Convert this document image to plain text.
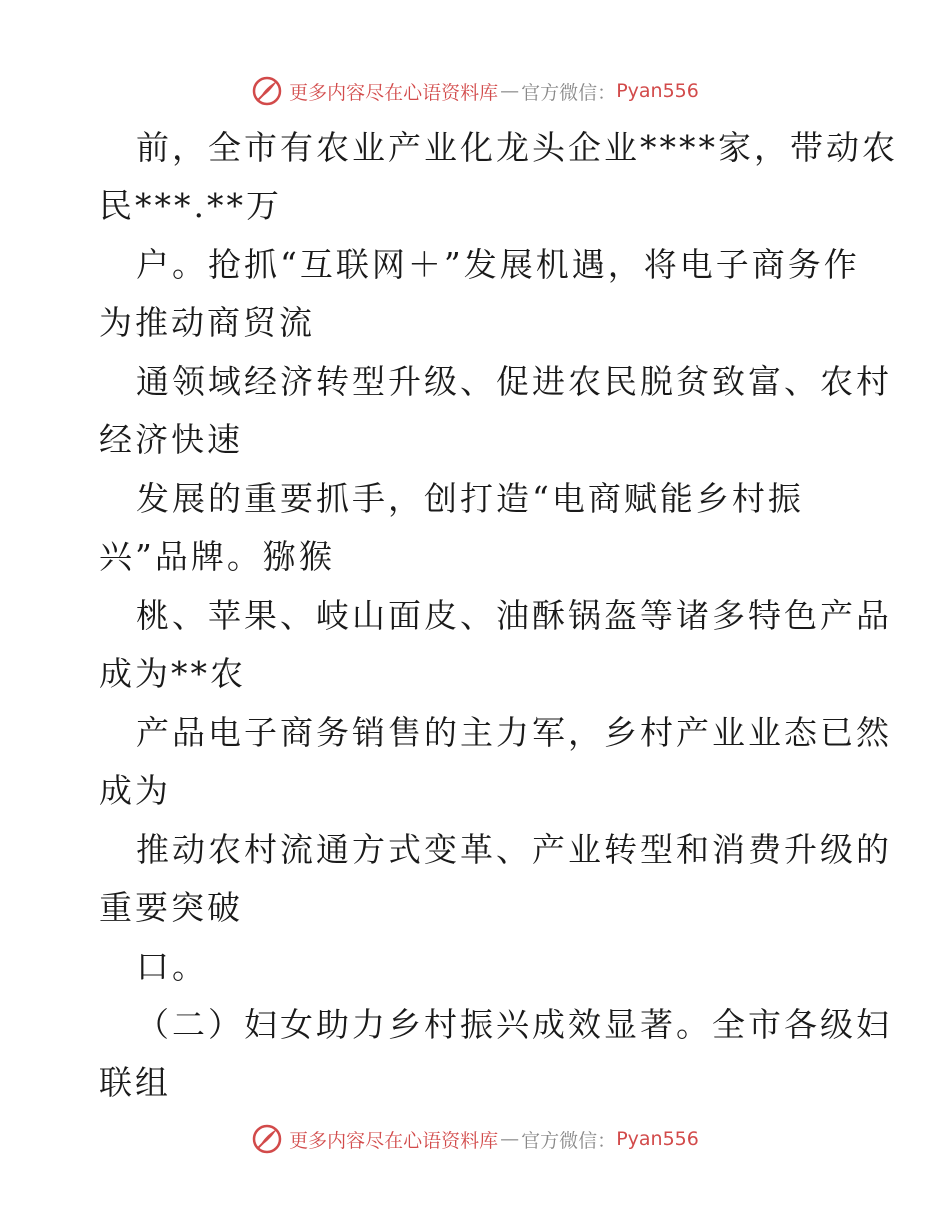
更多内容尽在心语资料库 — 官方微信： Pyan556
前，全市有农业产业化龙头企业****家，带动农
民***.**万
户。抢抓“互联网＋”发展机遇，将电子商务作
为推动商贸流
通领域经济转型升级、促进农民脱贫致富、农村
经济快速
发展的重要抓手，创打造“电商赋能乡村振
兴”品牌。猕猴
桃、苹果、岐山面皮、油酥锅盔等诸多特色产品
成为**农
产品电子商务销售的主力军，乡村产业业态已然
成为
推动农村流通方式变革、产业转型和消费升级的
重要突破
口。
（二）妇女助力乡村振兴成效显著。全市各级妇
联组
更多内容尽在心语资料库 — 官方微信： Pyan556
